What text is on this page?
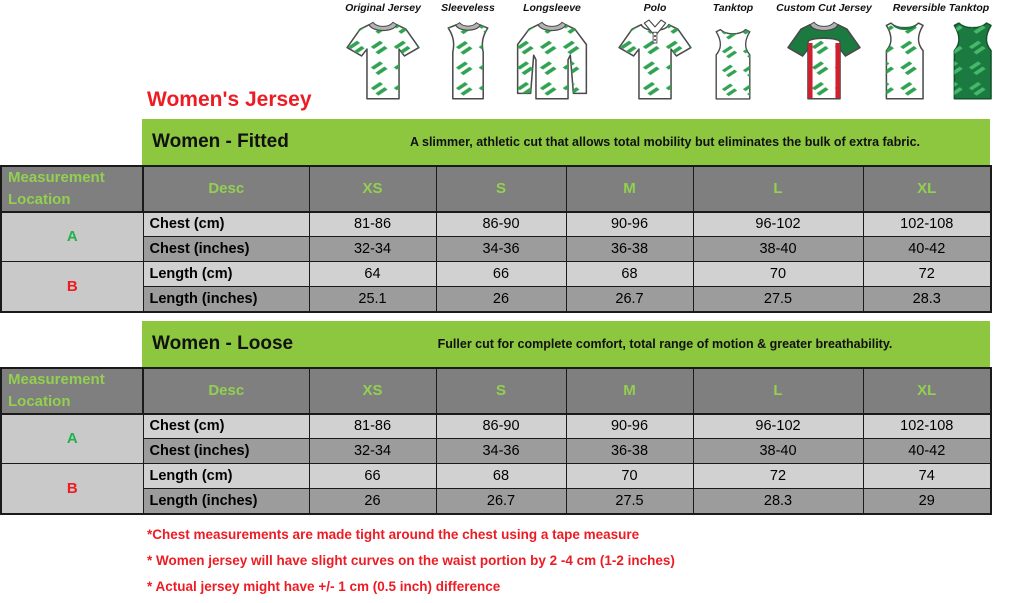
Original Jersey Sleeveless	Longsleeve	Polo	Tanktop Custom Cut Jersey Reversible Tanktop
Women's Jersey
Women - Fitted	A slimmer, athletic cut that allows total mobility but eliminates the bulk of extra fabric.
Measurement Location	Desc	XS	S	M	L	XL
A	Chest (cm)	81-86	86-90	90-96	96-102	102-108
	Chest (inches)	32-34	34-36	36-38	38-40	40-42
B	Length (cm)	64	66	68	70	72
	Length (inches)	25.1	26	26.7	27.5	28.3
Women - Loose	Fuller cut for complete comfort, total range of motion & greater breathability.
Measurement Location	Desc	XS	S	M	L	XL
A	Chest (cm)	81-86	86-90	90-96	96-102	102-108
	Chest (inches)	32-34	34-36	36-38	38-40	40-42
B	Length (cm)	66	68	70	72	74
	Length (inches)	26	26.7	27.5	28.3	29
*Chest measurements are made tight around the chest using a tape measure
* Women jersey will have slight curves on the waist portion by 2 -4 cm (1-2 inches)
* Actual jersey might have +/- 1 cm (0.5 inch) difference
